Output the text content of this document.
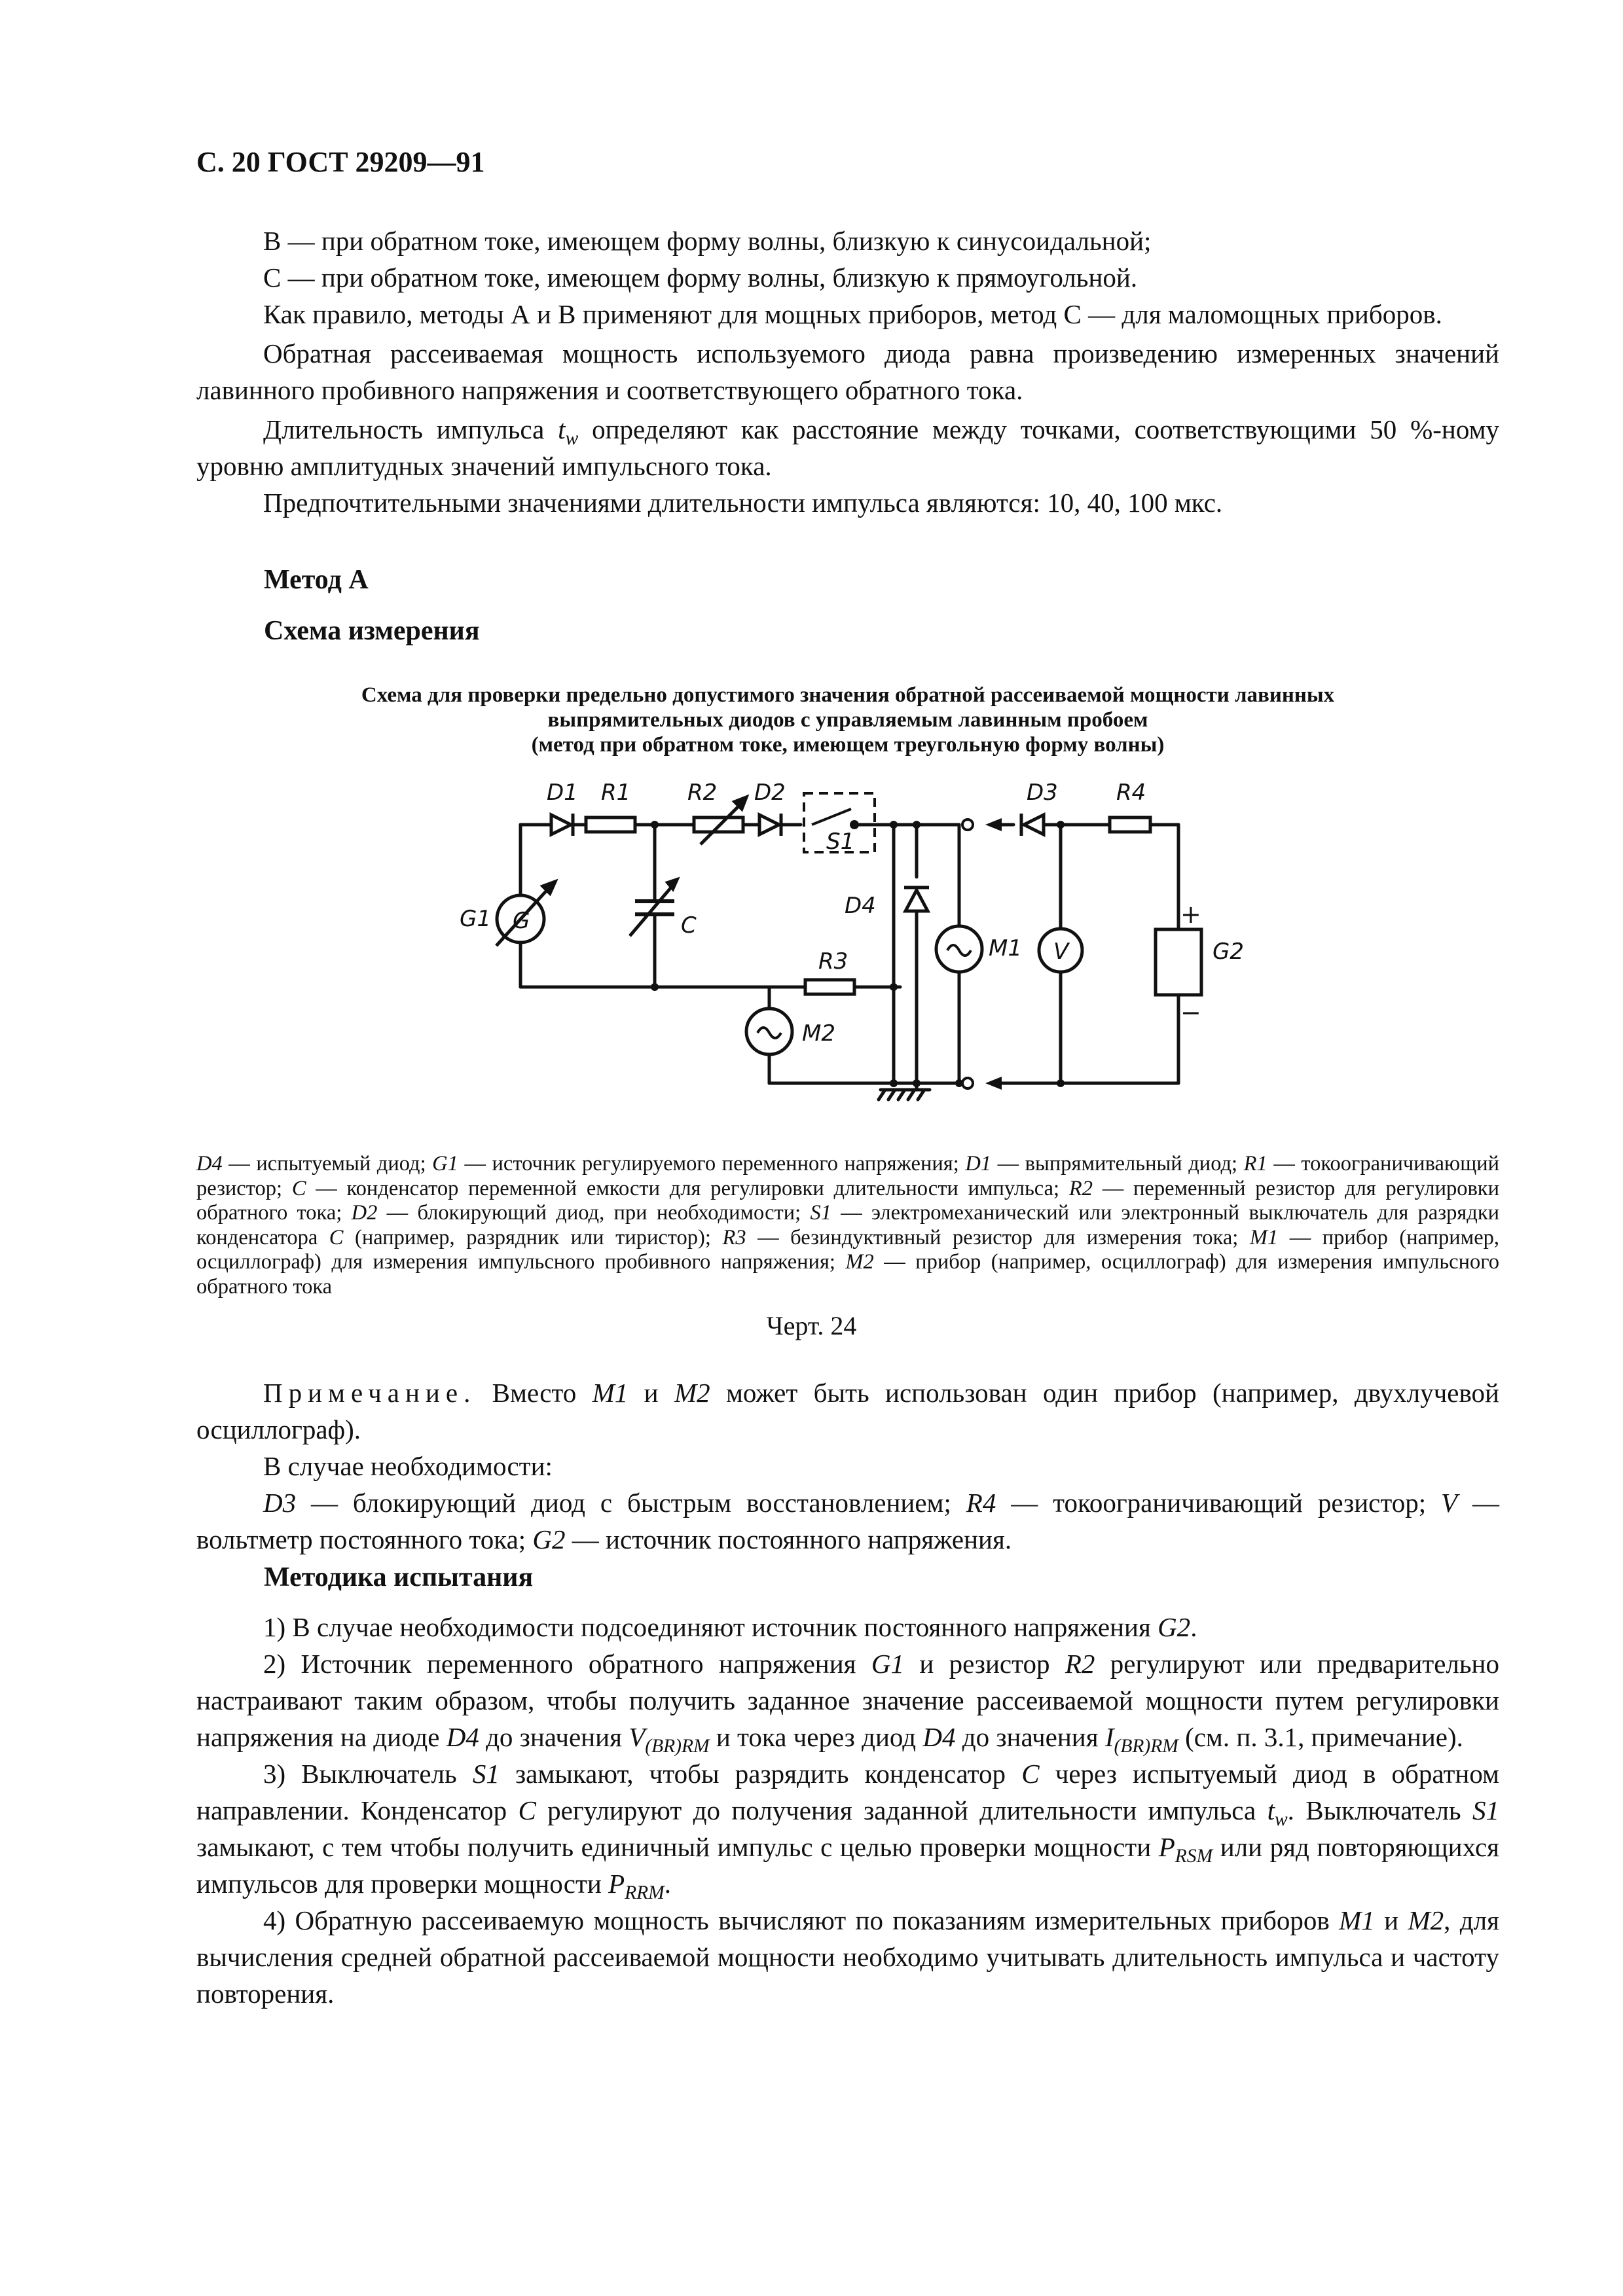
С. 20 ГОСТ 29209—91

В — при обратном токе, имеющем форму волны, близкую к синусоидальной;

С — при обратном токе, имеющем форму волны, близкую к прямоугольной.

Как правило, методы А и В применяют для мощных приборов, метод С — для маломощных приборов.

Обратная рассеиваемая мощность используемого диода равна произведению измеренных значений лавинного пробивного напряжения и соответствующего обратного тока.

Длительность импульса $t_w$ определяют как расстояние между точками, соответствующими 50 %-ному уровню амплитудных значений импульсного тока.

Предпочтительными значениями длительности импульса являются: 10, 40, 100 мкс.

Метод А
Схема измерения
Схема для проверки предельно допустимого значения обратной рассеиваемой мощности лавинных
выпрямительных диодов с управляемым лавинным пробоем
(метод при обратном токе, имеющем треугольную форму волны)
D1 R1	R2 D2
S1
D3	R4
G1 G	C
D4
R3	M1
M2
V	G2
+
−
D4 — испытуемый диод; G1 — источник регулируемого переменного напряжения; D1 — выпрямительный диод; R1 — токоограничивающий резистор; C — конденсатор переменной емкости для регулировки длительности импульса; R2 — переменный резистор для регулировки обратного тока; D2 — блокирующий диод, при необходимости; S1 — электромеханический или электронный выключатель для разрядки конденсатора C (например, разрядник или тиристор); R3 — безиндуктивный резистор для измерения тока; M1 — прибор (например, осциллограф) для измерения импульсного пробивного напряжения; M2 — прибор (например, осциллограф) для измерения импульсного обратного тока
Черт. 24

Примечание. Вместо M1 и M2 может быть использован один прибор (например, двухлучевой осциллограф).

В случае необходимости:

D3 — блокирующий диод с быстрым восстановлением; R4 — токоограничивающий резистор; V — вольтметр постоянного тока; G2 — источник постоянного напряжения.

Методика испытания

1) В случае необходимости подсоединяют источник постоянного напряжения G2.

2) Источник переменного обратного напряжения G1 и резистор R2 регулируют или предварительно настраивают таким образом, чтобы получить заданное значение рассеиваемой мощности путем регулировки напряжения на диоде D4 до значения $V_{(BR)RM}$ и тока через диод D4 до значения $I_{(BR)RM}$ (см. п. 3.1, примечание).

3) Выключатель S1 замыкают, чтобы разрядить конденсатор C через испытуемый диод в обратном направлении. Конденсатор C регулируют до получения заданной длительности импульса $t_w$. Выключатель S1 замыкают, с тем чтобы получить единичный импульс с целью проверки мощности $P_{RSM}$ или ряд повторяющихся импульсов для проверки мощности $P_{RRM}$.

4) Обратную рассеиваемую мощность вычисляют по показаниям измерительных приборов M1 и M2, для вычисления средней обратной рассеиваемой мощности необходимо учитывать длительность импульса и частоту повторения.
